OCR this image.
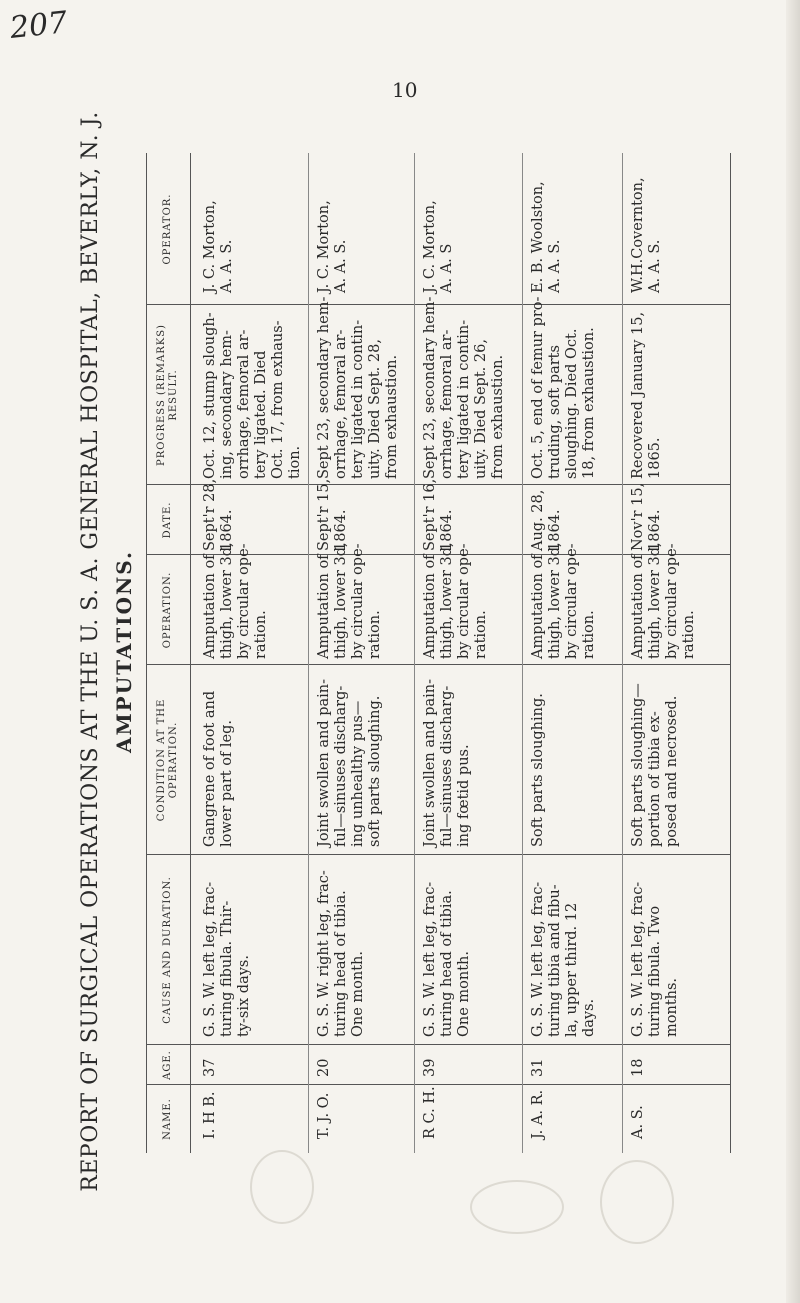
207
10
REPORT OF SURGICAL OPERATIONS AT THE U. S. A. GENERAL HOSPITAL, BEVERLY, N. J. AMPUTATIONS.
NAME.
AGE.
CAUSE AND DURATION.
CONDITION AT THE OPERATION.
OPERATION.
DATE.
PROGRESS (REMARKS) RESULT.
OPERATOR.
I. H B.
37
G. S. W. left leg, frac-
turing fibula. Thir-
ty-six days.
Gangrene of foot and
lower part of leg.
Amputation of
thigh, lower 3d,
by circular ope-
ration.
Sept'r 28,
1864.
Oct. 12, stump slough-
ing, secondary hem-
orrhage, femoral ar-
tery ligated. Died
Oct. 17, from exhaus-
tion.
J. C. Morton,
A. A. S.
T. J. O.
20
G. S. W. right leg, frac-
turing head of tibia.
One month.
Joint swollen and pain-
ful—sinuses discharg-
ing unhealthy pus—
soft parts sloughing.
Amputation of
thigh, lower 3d,
by circular ope-
ration.
Sept'r 15,
1864.
Sept 23, secondary hem-
orrhage, femoral ar-
tery ligated in contin-
uity. Died Sept. 28,
from exhaustion.
J. C. Morton,
A. A. S.
R C. H.
39
G. S. W. left leg, frac-
turing head of tibia.
One month.
Joint swollen and pain-
ful—sinuses discharg-
ing fœtid pus.
Amputation of
thigh, lower 3d,
by circular ope-
ration.
Sept'r 16,
1864.
Sept 23, secondary hem-
orrhage, femoral ar-
tery ligated in contin-
uity. Died Sept. 26,
from exhaustion.
J. C. Morton,
A. A. S
J. A. R.
31
G. S. W. left leg, frac-
turing tibia and fibu-
la, upper third. 12
days.
Soft parts sloughing.
Amputation of
thigh, lower 3d,
by circular ope-
ration.
Aug. 28,
1864.
Oct. 5, end of femur pro-
truding, soft parts
sloughing. Died Oct.
18, from exhaustion.
E. B. Woolston,
A. A. S.
A. S.
18
G. S. W. left leg, frac-
turing fibula. Two
months.
Soft parts sloughing—
portion of tibia ex-
posed and necrosed.
Amputation of
thigh, lower 3d,
by circular ope-
ration.
Nov'r 15,
1864.
Recovered January 15,
1865.
W.H.Covernton,
A. A. S.
